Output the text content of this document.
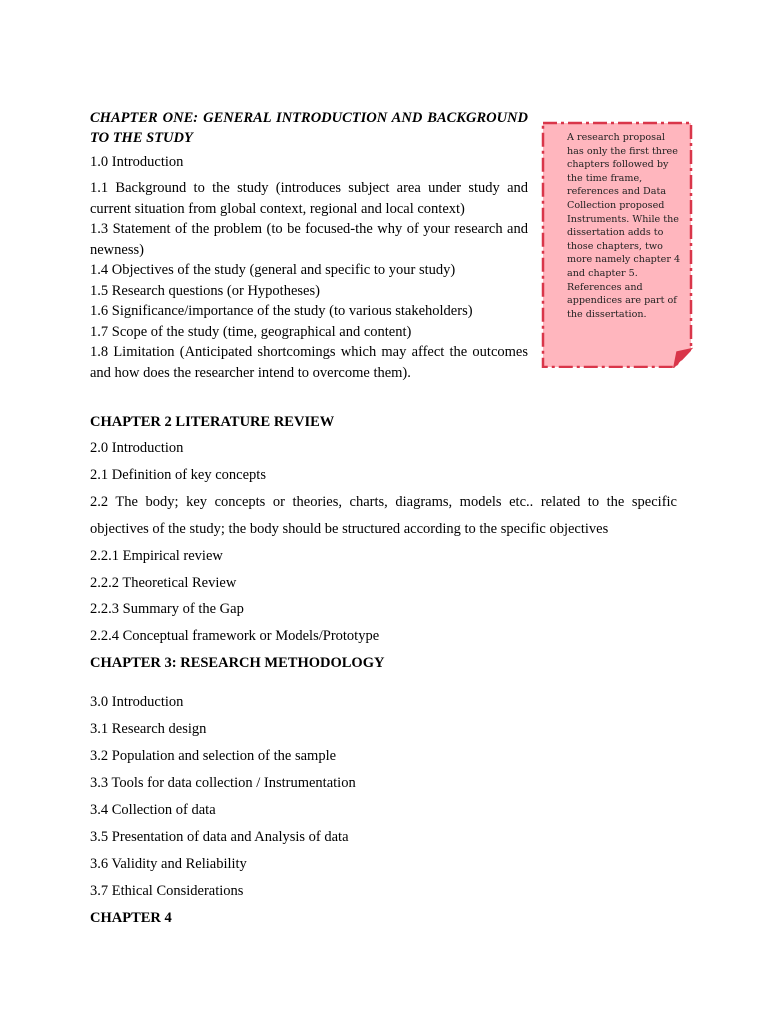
CHAPTER ONE: GENERAL INTRODUCTION AND BACKGROUND TO THE STUDY

1.0 Introduction

1.1 Background to the study (introduces subject area under study and current situation from global context, regional and local context)

1.3 Statement of the problem (to be focused-the why of your research and newness)

1.4 Objectives of the study (general and specific to your study)

1.5 Research questions (or Hypotheses)

1.6 Significance/importance of the study (to various stakeholders)

1.7 Scope of the study (time, geographical and content)

1.8 Limitation (Anticipated shortcomings which may affect the outcomes and how does the researcher intend to overcome them).

A research proposal has only the first three chapters followed by the time frame, references and Data Collection proposed Instruments. While the dissertation adds to those chapters, two more namely chapter 4 and chapter 5. References and appendices are part of the dissertation.

CHAPTER 2 LITERATURE REVIEW

2.0 Introduction

2.1 Definition of key concepts

2.2 The body; key concepts or theories, charts, diagrams, models etc.. related to the specific objectives of the study; the body should be structured according to the specific objectives

2.2.1 Empirical review

2.2.2 Theoretical Review

2.2.3 Summary of the Gap

2.2.4 Conceptual framework or Models/Prototype

CHAPTER 3: RESEARCH METHODOLOGY

3.0 Introduction

3.1 Research design

3.2 Population and selection of the sample

3.3 Tools for data collection / Instrumentation

3.4 Collection of data

3.5 Presentation of data and Analysis of data

3.6 Validity and Reliability

3.7 Ethical Considerations

CHAPTER 4
